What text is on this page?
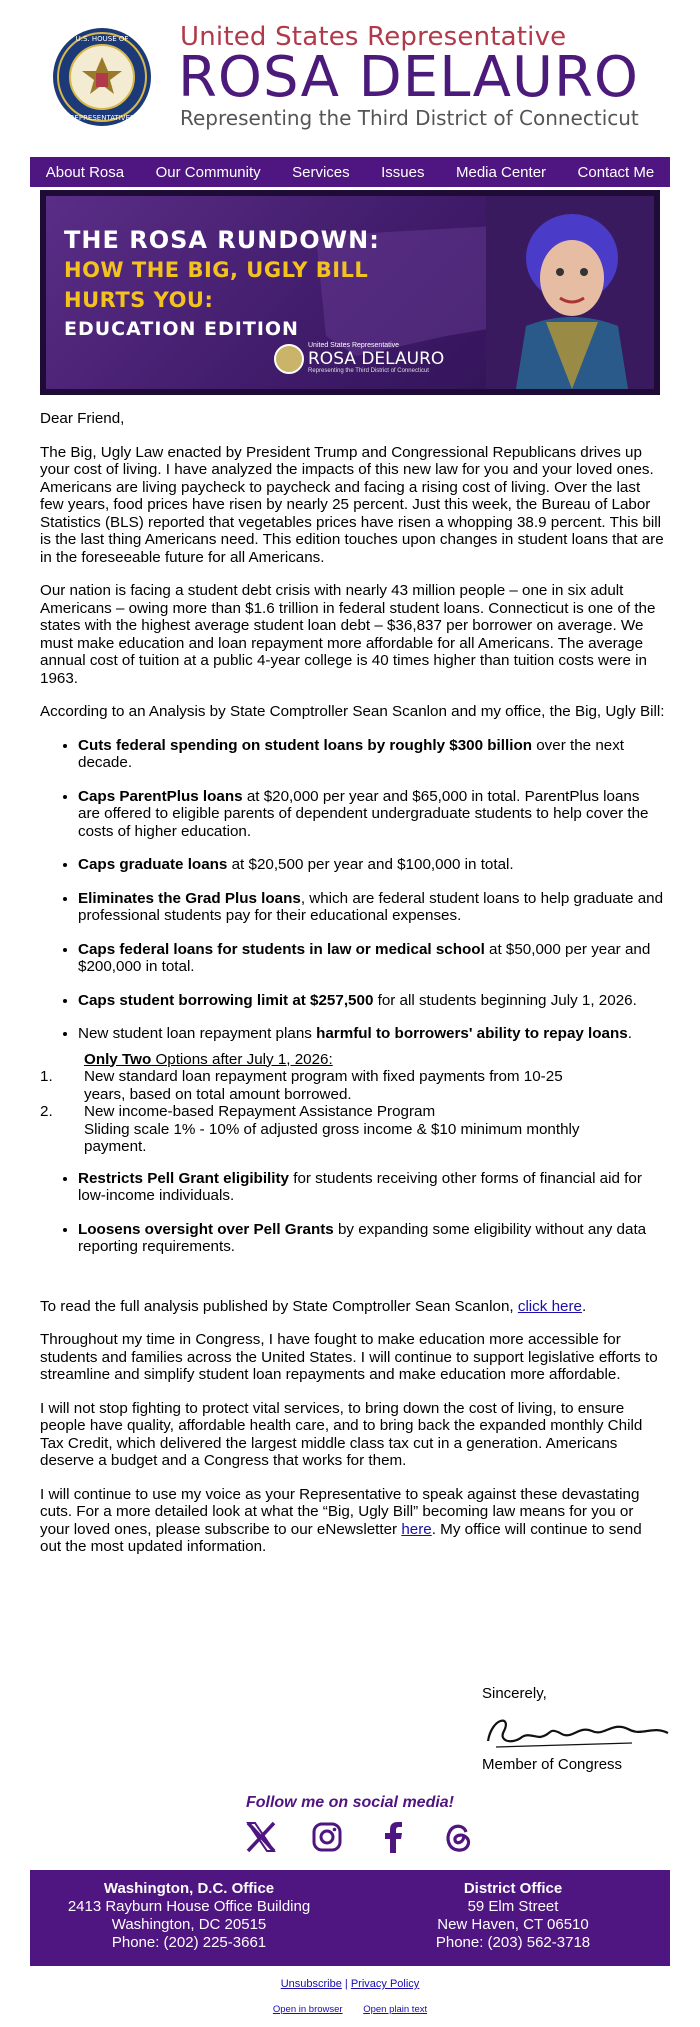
U.S. HOUSE OF
REPRESENTATIVES
United States Representative
ROSA DELAURO
Representing the Third District of Connecticut
About Rosa Our Community Services Issues Media Center Contact Me
THE ROSA RUNDOWN:
HOW THE BIG, UGLY BILL
HURTS YOU:
EDUCATION EDITION
United States Representative
ROSA DELAURO
Representing the Third District of Connecticut

Dear Friend,

The Big, Ugly Law enacted by President Trump and Congressional Republicans drives up your cost of living. I have analyzed the impacts of this new law for you and your loved ones. Americans are living paycheck to paycheck and facing a rising cost of living. Over the last few years, food prices have risen by nearly 25 percent. Just this week, the Bureau of Labor Statistics (BLS) reported that vegetables prices have risen a whopping 38.9 percent. This bill is the last thing Americans need. This edition touches upon changes in student loans that are in the foreseeable future for all Americans.

Our nation is facing a student debt crisis with nearly 43 million people – one in six adult Americans – owing more than $1.6 trillion in federal student loans. Connecticut is one of the states with the highest average student loan debt – $36,837 per borrower on average. We must make education and loan repayment more affordable for all Americans. The average annual cost of tuition at a public 4-year college is 40 times higher than tuition costs were in 1963.

According to an Analysis by State Comptroller Sean Scanlon and my office, the Big, Ugly Bill:

• Cuts federal spending on student loans by roughly $300 billion over the next decade.
• Caps ParentPlus loans at $20,000 per year and $65,000 in total. ParentPlus loans are offered to eligible parents of dependent undergraduate students to help cover the costs of higher education.
• Caps graduate loans at $20,500 per year and $100,000 in total.
• Eliminates the Grad Plus loans, which are federal student loans to help graduate and professional students pay for their educational expenses.
• Caps federal loans for students in law or medical school at $50,000 per year and $200,000 in total.
• Caps student borrowing limit at $257,500 for all students beginning July 1, 2026.
• New student loan repayment plans harmful to borrowers' ability to repay loans.
Only Two Options after July 1, 2026:
1.	New standard loan repayment program with fixed payments from 10-25
years, based on total amount borrowed.
2.	New income-based Repayment Assistance Program
Sliding scale 1% - 10% of adjusted gross income & $10 minimum monthly
payment.
• Restricts Pell Grant eligibility for students receiving other forms of financial aid for low-income individuals.
• Loosens oversight over Pell Grants by expanding some eligibility without any data reporting requirements.

To read the full analysis published by State Comptroller Sean Scanlon, click here.

Throughout my time in Congress, I have fought to make education more accessible for students and families across the United States. I will continue to support legislative efforts to streamline and simplify student loan repayments and make education more affordable.

I will not stop fighting to protect vital services, to bring down the cost of living, to ensure people have quality, affordable health care, and to bring back the expanded monthly Child Tax Credit, which delivered the largest middle class tax cut in a generation. Americans deserve a budget and a Congress that works for them.

I will continue to use my voice as your Representative to speak against these devastating cuts. For a more detailed look at what the “Big, Ugly Bill” becoming law means for you or your loved ones, please subscribe to our eNewsletter here. My office will continue to send out the most updated information.

Sincerely,
Member of Congress
Follow me on social media!
Washington, D.C. Office
2413 Rayburn House Office Building
Washington, DC 20515
Phone: (202) 225-3661
District Office
59 Elm Street
New Haven, CT 06510
Phone: (203) 562-3718
Unsubscribe | Privacy Policy
Open in browser Open plain text
